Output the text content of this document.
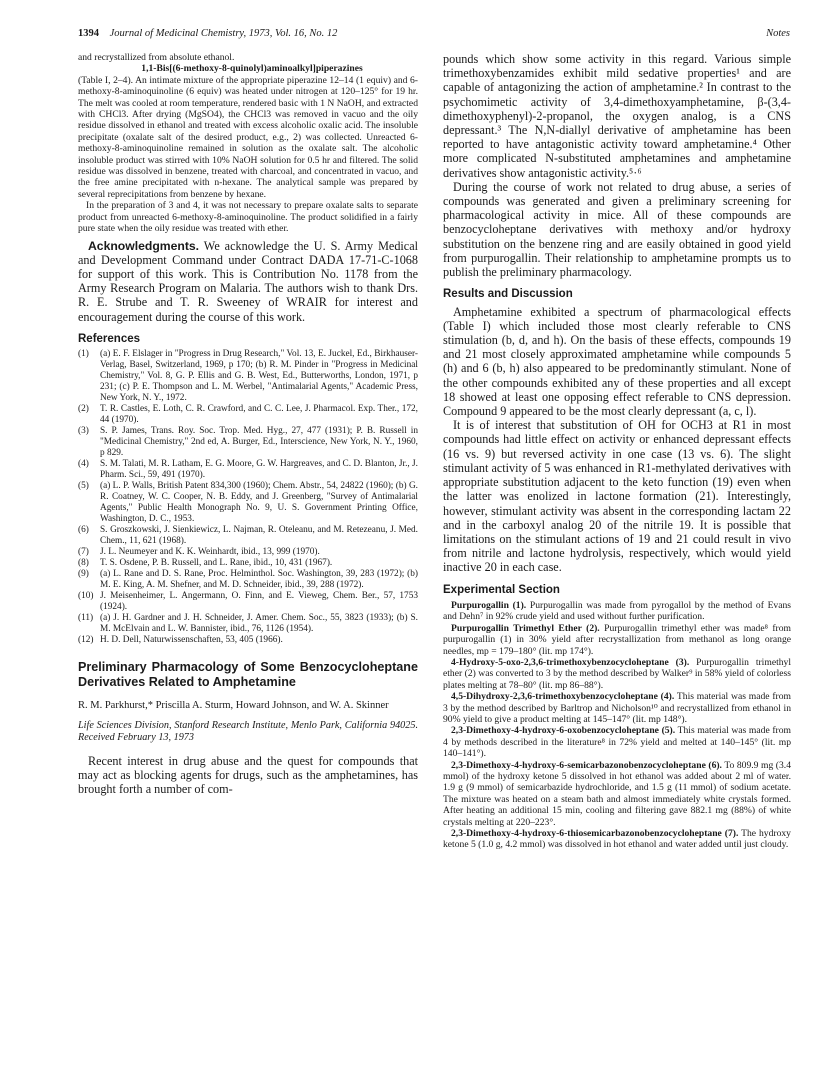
1394 Journal of Medicinal Chemistry, 1973, Vol. 16, No. 12	Notes

and recrystallized from absolute ethanol.

1,1-Bis[(6-methoxy-8-quinolyl)aminoalkyl]piperazines

(Table I, 2–4). An intimate mixture of the appropriate piperazine 12–14 (1 equiv) and 6-methoxy-8-aminoquinoline (6 equiv) was heated under nitrogen at 120–125° for 19 hr. The melt was cooled at room temperature, rendered basic with 1 N NaOH, and extracted with CHCl3. After drying (MgSO4), the CHCl3 was removed in vacuo and the oily residue dissolved in ethanol and treated with excess alcoholic oxalic acid. The insoluble precipitate (oxalate salt of the desired product, e.g., 2) was collected. Unreacted 6-methoxy-8-aminoquinoline remained in solution as the oxalate salt. The alcoholic insoluble product was stirred with 10% NaOH solution for 0.5 hr and filtered. The solid residue was dissolved in benzene, treated with charcoal, and concentrated in vacuo, and the free amine precipitated with n-hexane. The analytical sample was prepared by several reprecipitations from benzene by hexane.

In the preparation of 3 and 4, it was not necessary to prepare oxalate salts to separate product from unreacted 6-methoxy-8-aminoquinoline. The product solidified in a fairly pure state when the oily residue was treated with ether.

Acknowledgments. We acknowledge the U. S. Army Medical and Development Command under Contract DADA 17-71-C-1068 for support of this work. This is Contribution No. 1178 from the Army Research Program on Malaria. The authors wish to thank Drs. R. E. Strube and T. R. Sweeney of WRAIR for interest and encouragement during the course of this work.

References
(1) (a) E. F. Elslager in "Progress in Drug Research," Vol. 13, E. Juckel, Ed., Birkhauser-Verlag, Basel, Switzerland, 1969, p 170; (b) R. M. Pinder in "Progress in Medicinal Chemistry," Vol. 8, G. P. Ellis and G. B. West, Ed., Butterworths, London, 1971, p 231; (c) P. E. Thompson and L. M. Werbel, "Antimalarial Agents," Academic Press, New York, N. Y., 1972.
(2) T. R. Castles, E. Loth, C. R. Crawford, and C. C. Lee, J. Pharmacol. Exp. Ther., 172, 44 (1970).
(3) S. P. James, Trans. Roy. Soc. Trop. Med. Hyg., 27, 477 (1931); P. B. Russell in "Medicinal Chemistry," 2nd ed, A. Burger, Ed., Interscience, New York, N. Y., 1960, p 829.
(4) S. M. Talati, M. R. Latham, E. G. Moore, G. W. Hargreaves, and C. D. Blanton, Jr., J. Pharm. Sci., 59, 491 (1970).
(5) (a) L. P. Walls, British Patent 834,300 (1960); Chem. Abstr., 54, 24822 (1960); (b) G. R. Coatney, W. C. Cooper, N. B. Eddy, and J. Greenberg, "Survey of Antimalarial Agents," Public Health Monograph No. 9, U. S. Government Printing Office, Washington, D. C., 1953.
(6) S. Groszkowski, J. Sienkiewicz, L. Najman, R. Oteleanu, and M. Retezeanu, J. Med. Chem., 11, 621 (1968).
(7) J. L. Neumeyer and K. K. Weinhardt, ibid., 13, 999 (1970).
(8) T. S. Osdene, P. B. Russell, and L. Rane, ibid., 10, 431 (1967).
(9) (a) L. Rane and D. S. Rane, Proc. Helminthol. Soc. Washington, 39, 283 (1972); (b) M. E. King, A. M. Shefner, and M. D. Schneider, ibid., 39, 288 (1972).
(10) J. Meisenheimer, L. Angermann, O. Finn, and E. Vieweg, Chem. Ber., 57, 1753 (1924).
(11) (a) J. H. Gardner and J. H. Schneider, J. Amer. Chem. Soc., 55, 3823 (1933); (b) S. M. McElvain and L. W. Bannister, ibid., 76, 1126 (1954).
(12) H. D. Dell, Naturwissenschaften, 53, 405 (1966).
Preliminary Pharmacology of Some Benzocycloheptane Derivatives Related to Amphetamine
R. M. Parkhurst,* Priscilla A. Sturm, Howard Johnson, and W. A. Skinner
Life Sciences Division, Stanford Research Institute, Menlo Park, California 94025. Received February 13, 1973

Recent interest in drug abuse and the quest for compounds that may act as blocking agents for drugs, such as the amphetamines, has brought forth a number of com-

pounds which show some activity in this regard. Various simple trimethoxybenzamides exhibit mild sedative properties¹ and are capable of antagonizing the action of amphetamine.² In contrast to the psychomimetic activity of 3,4-dimethoxyamphetamine, β-(3,4-dimethoxyphenyl)-2-propanol, the oxygen analog, is a CNS depressant.³ The N,N-diallyl derivative of amphetamine has been reported to have antagonistic activity toward amphetamine.⁴ Other more complicated N-substituted amphetamines and amphetamine derivatives show antagonistic activity.⁵·⁶

During the course of work not related to drug abuse, a series of compounds was generated and given a preliminary screening for pharmacological activity in mice. All of these compounds are benzocycloheptane derivatives with methoxy and/or hydroxy substitution on the benzene ring and are easily obtained in good yield from purpurogallin. Their relationship to amphetamine prompts us to publish the preliminary pharmacology.

Results and Discussion

Amphetamine exhibited a spectrum of pharmacological effects (Table I) which included those most clearly referable to CNS stimulation (b, d, and h). On the basis of these effects, compounds 19 and 21 most closely approximated amphetamine while compounds 5 (h) and 6 (b, h) also appeared to be predominantly stimulant. None of the other compounds exhibited any of these properties and all except 18 showed at least one opposing effect referable to CNS depression. Compound 9 appeared to be the most clearly depressant (a, c, l).

It is of interest that substitution of OH for OCH3 at R1 in most compounds had little effect on activity or enhanced depressant effects (16 vs. 9) but reversed activity in one case (13 vs. 6). The slight stimulant activity of 5 was enhanced in R1-methylated derivatives with appropriate substitution adjacent to the keto function (19) even when the latter was enolized in lactone formation (21). Interestingly, however, stimulant activity was absent in the corresponding lactam 22 and in the carboxyl analog 20 of the nitrile 19. It is possible that limitations on the stimulant actions of 19 and 21 could result in vivo from nitrile and lactone hydrolysis, respectively, which would yield inactive 20 in each case.

Experimental Section

Purpurogallin (1). Purpurogallin was made from pyrogallol by the method of Evans and Dehn⁷ in 92% crude yield and used without further purification.

Purpurogallin Trimethyl Ether (2). Purpurogallin trimethyl ether was made⁸ from purpurogallin (1) in 30% yield after recrystallization from methanol as long orange needles, mp = 179–180° (lit. mp 174°).

4-Hydroxy-5-oxo-2,3,6-trimethoxybenzocycloheptane (3). Purpurogallin trimethyl ether (2) was converted to 3 by the method described by Walker⁹ in 58% yield of colorless plates melting at 78–80° (lit. mp 86–88°).

4,5-Dihydroxy-2,3,6-trimethoxybenzocycloheptane (4). This material was made from 3 by the method described by Barltrop and Nicholson¹⁰ and recrystallized from ethanol in 90% yield to give a product melting at 145–147° (lit. mp 148°).

2,3-Dimethoxy-4-hydroxy-6-oxobenzocycloheptane (5). This material was made from 4 by methods described in the literature⁸ in 72% yield and melted at 140–145° (lit. mp 140–141°).

2,3-Dimethoxy-4-hydroxy-6-semicarbazonobenzocycloheptane (6). To 809.9 mg (3.4 mmol) of the hydroxy ketone 5 dissolved in hot ethanol was added about 2 ml of water. 1.9 g (9 mmol) of semicarbazide hydrochloride, and 1.5 g (11 mmol) of sodium acetate. The mixture was heated on a steam bath and almost immediately white crystals formed. After heating an additional 15 min, cooling and filtering gave 882.1 mg (88%) of white crystals melting at 220–223°.

2,3-Dimethoxy-4-hydroxy-6-thiosemicarbazonobenzocycloheptane (7). The hydroxy ketone 5 (1.0 g, 4.2 mmol) was dissolved in hot ethanol and water added until just cloudy.
